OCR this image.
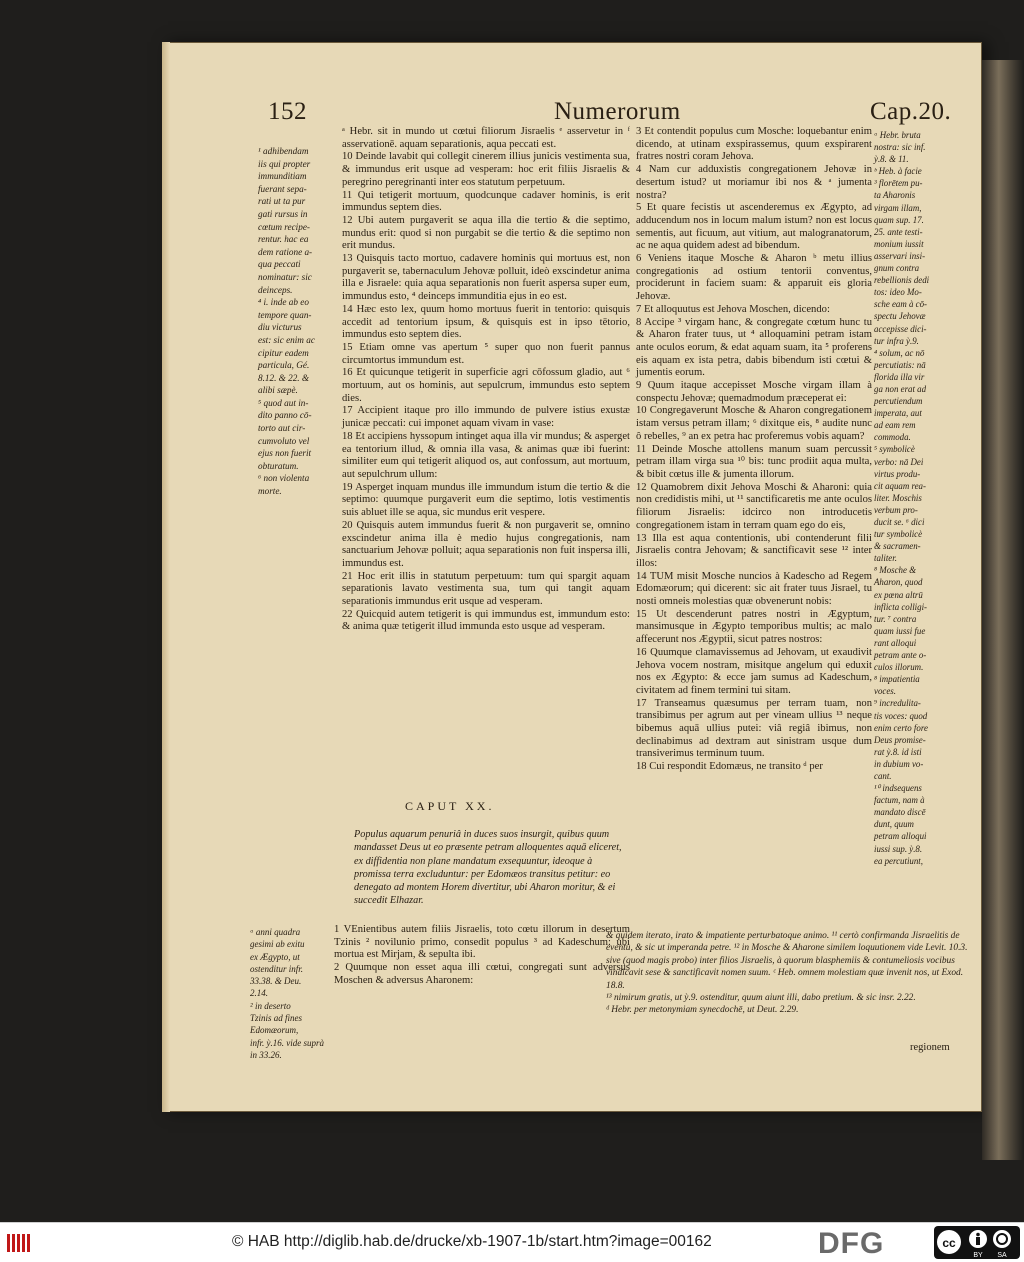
152	Numerorum	Cap.20.

¹ adhibendam

iis qui propter

immunditiam

fuerant sepa-

rati ut ta pur

gati rursus in

cœtum recipe-

rentur. hac ea

dem ratione a-

qua peccati

nominatur: sic

deinceps.

⁴ i. inde ab eo

tempore quan-

diu victurus

est: sic enim ac

cipitur eadem

particula, Gé.

8.12. & 22. &

alibi sæpè.

⁵ quod aut in-

dito panno cō-

torto aut cir-

cumvoluto vel

ejus non fuerit

obturatum.

⁶ non violenta

morte.

ᵃ Hebr. sit in mundo ut cœtui filiorum Jisraelis ᵉ asservetur in ᶠ asservationē. aquam separationis, aqua peccati est.

10 Deinde lavabit qui collegit cinerem illius junicis vestimenta sua, & immundus erit usque ad vesperam: hoc erit filiis Jisraelis & peregrino peregrinanti inter eos statutum perpetuum.

11 Qui tetigerit mortuum, quodcunque cadaver hominis, is erit immundus septem dies.

12 Ubi autem purgaverit se aqua illa die tertio & die septimo, mundus erit: quod si non purgabit se die tertio & die septimo non erit mundus.

13 Quisquis tacto mortuo, cadavere hominis qui mortuus est, non purgaverit se, tabernaculum Jehovæ polluit, ideò exscindetur anima illa e Jisraele: quia aqua separationis non fuerit aspersa super eum, immundus esto, ⁴ deinceps immunditia ejus in eo est.

14 Hæc esto lex, quum homo mortuus fuerit in tentorio: quisquis accedit ad tentorium ipsum, & quisquis est in ipso tētorio, immundus esto septem dies.

15 Etiam omne vas apertum ⁵ super quo non fuerit pannus circumtortus immundum est.

16 Et quicunque tetigerit in superficie agri cōfossum gladio, aut ⁶ mortuum, aut os hominis, aut sepulcrum, immundus esto septem dies.

17 Accipient itaque pro illo immundo de pulvere istius exustæ junicæ peccati: cui imponet aquam vivam in vase:

18 Et accipiens hyssopum intinget aqua illa vir mundus; & asperget ea tentorium illud, & omnia illa vasa, & animas quæ ibi fuerint: similiter eum qui tetigerit aliquod os, aut confossum, aut mortuum, aut sepulchrum ullum:

19 Asperget inquam mundus ille immundum istum die tertio & die septimo: quumque purgaverit eum die septimo, lotis vestimentis suis abluet ille se aqua, sic mundus erit vespere.

20 Quisquis autem immundus fuerit & non purgaverit se, omnino exscindetur anima illa è medio hujus congregationis, nam sanctuarium Jehovæ polluit; aqua separationis non fuit inspersa illi, immundus est.

21 Hoc erit illis in statutum perpetuum: tum qui spargit aquam separationis lavato vestimenta sua, tum qui tangit aquam separationis immundus erit usque ad vesperam.

22 Quicquid autem tetigerit is qui immundus est, immundum esto: & anima quæ tetigerit illud immunda esto usque ad vesperam.

3 Et contendit populus cum Mosche: loquebantur enim dicendo, at utinam exspirassemus, quum exspirarent fratres nostri coram Jehova.

4 Nam cur adduxistis congregationem Jehovæ in desertum istud? ut moriamur ibi nos & ᵃ jumenta nostra?

5 Et quare fecistis ut ascenderemus ex Ægypto, ad adducendum nos in locum malum istum? non est locus sementis, aut ficuum, aut vitium, aut malogranatorum, ac ne aqua quidem adest ad bibendum.

6 Veniens itaque Mosche & Aharon ᵇ metu illius congregationis ad ostium tentorii conventus, prociderunt in faciem suam: & apparuit eis gloria Jehovæ.

7 Et alloquutus est Jehova Moschen, dicendo:

8 Accipe ³ virgam hanc, & congregate cœtum hunc tu & Aharon frater tuus, ut ⁴ alloquamini petram istam ante oculos eorum, & edat aquam suam, ita ⁵ proferens eis aquam ex ista petra, dabis bibendum isti cœtui & jumentis eorum.

9 Quum itaque accepisset Mosche virgam illam à conspectu Jehovæ; quemadmodum præceperat ei:

10 Congregaverunt Mosche & Aharon congregationem istam versus petram illam; ⁶ dixitque eis, ⁸ audite nunc ô rebelles, ⁹ an ex petra hac proferemus vobis aquam?

11 Deinde Mosche attollens manum suam percussit petram illam virga sua ¹⁰ bis: tunc prodiit aqua multa, & bibit cœtus ille & jumenta illorum.

12 Quamobrem dixit Jehova Moschi & Aharoni: quia non credidistis mihi, ut ¹¹ sanctificaretis me ante oculos filiorum Jisraelis: idcirco non introducetis congregationem istam in terram quam ego do eis,

13 Illa est aqua contentionis, ubi contenderunt filii Jisraelis contra Jehovam; & sanctificavit sese ¹² inter illos:

14 TUM misit Mosche nuncios à Kadescho ad Regem Edomæorum; qui dicerent: sic ait frater tuus Jisrael, tu nosti omneis molestias quæ obvenerunt nobis:

15 Ut descenderunt patres nostri in Ægyptum, mansimusque in Ægypto temporibus multis; ac malo affecerunt nos Ægyptii, sicut patres nostros:

16 Quumque clamavissemus ad Jehovam, ut exaudivit Jehova vocem nostram, misitque angelum qui eduxit nos ex Ægypto: & ecce jam sumus ad Kadeschum, civitatem ad finem termini tui sitam.

17 Transeamus quæsumus per terram tuam, non transibimus per agrum aut per vineam ullius ¹³ neque bibemus aquā ullius putei: viâ regiâ ibimus, non declinabimus ad dextram aut sinistram usque dum transiverimus terminum tuum.

18 Cui respondit Edomæus, ne transito ᵈ per

ᵃ Hebr. bruta

nostra: sic inf.

ỳ.8. & 11.

ᵇ Heb. à facie

³ florētem pu-

ta Aharonis

virgam illam,

quam sup. 17.

25. ante testi-

monium iussit

asservari insi-

gnum contra

rebellionis dedi

tos: ideo Mo-

sche eam à cō-

spectu Jehovæ

accepisse dici-

tur infra ỳ.9.

⁴ solum, ac nō

percutiatis: nā

florida illa vir

ga non erat ad

percutiendum

imperata, aut

ad eam rem

commoda.

⁵ symbolicè

verbo: nā Dei

virtus produ-

cit aquam rea-

liter. Moschis

verbum pro-

ducit se. ⁶ dici

tur symbolicè

& sacramen-

taliter.

⁸ Mosche &

Aharon, quod

ex pœna altrū

inflicta colligi-

tur. ⁷ contra

quam iussi fue

rant alloqui

petram ante o-

culos illorum.

⁸ impatientia

voces.

⁹ incredulita-

tis voces: quod

enim certo fore

Deus promise-

rat ỳ.8. id isti

in dubium vo-

cant.

¹⁰ indsequens

factum, nam à

mandato discē

dunt, quum

petram alloqui

iussi sup. ỳ.8.

ea percutiunt,

CAPUT XX.
Populus aquarum penuriâ in duces suos insurgit, quibus quum mandasset Deus ut eo præsente petram alloquentes aquā eliceret, ex diffidentia non plane mandatum exsequuntur, ideoque à promissa terra excluduntur: per Edomæos transitus petitur: eo denegato ad montem Horem divertitur, ubi Aharon moritur, & ei succedit Elhazar.

ᵃ anni quadra

gesimi ab exitu

ex Ægypto, ut

ostenditur infr.

33.38. & Deu.

2.14.

² in deserto

Tzinis ad fines

Edomæorum,

infr. ỳ.16. vide suprà in 33.26.

1 VEnientibus autem filiis Jisraelis, toto cœtu illorum in desertum Tzinis ² novilunio primo, consedit populus ³ ad Kadeschum: ubi mortua est Mirjam, & sepulta ibi.

2 Quumque non esset aqua illi cœtui, congregati sunt adversus Moschen & adversus Aharonem:

& quidem iterato, irato & impatiente perturbatoque animo. ¹¹ certò confirmanda Jisraelitis de eventu, & sic ut imperanda petre. ¹² in Mosche & Aharone similem loquutionem vide Levit. 10.3. sive (quod magis probo) inter filios Jisraelis, à quorum blasphemiis & contumeliosis vocibus vindicavit sese & sanctificavit nomen suum. ᶜ Heb. omnem molestiam quæ invenit nos, ut Exod. 18.8.

¹³ nimirum gratis, ut ỳ.9. ostenditur, quum aiunt illi, dabo pretium. & sic insr. 2.22.

ᵈ Hebr. per metonymiam synecdochē, ut Deut. 2.29.

regionem
© HAB http://diglib.hab.de/drucke/xb-1907-1b/start.htm?image=00162	DFG	cc
BY SA
